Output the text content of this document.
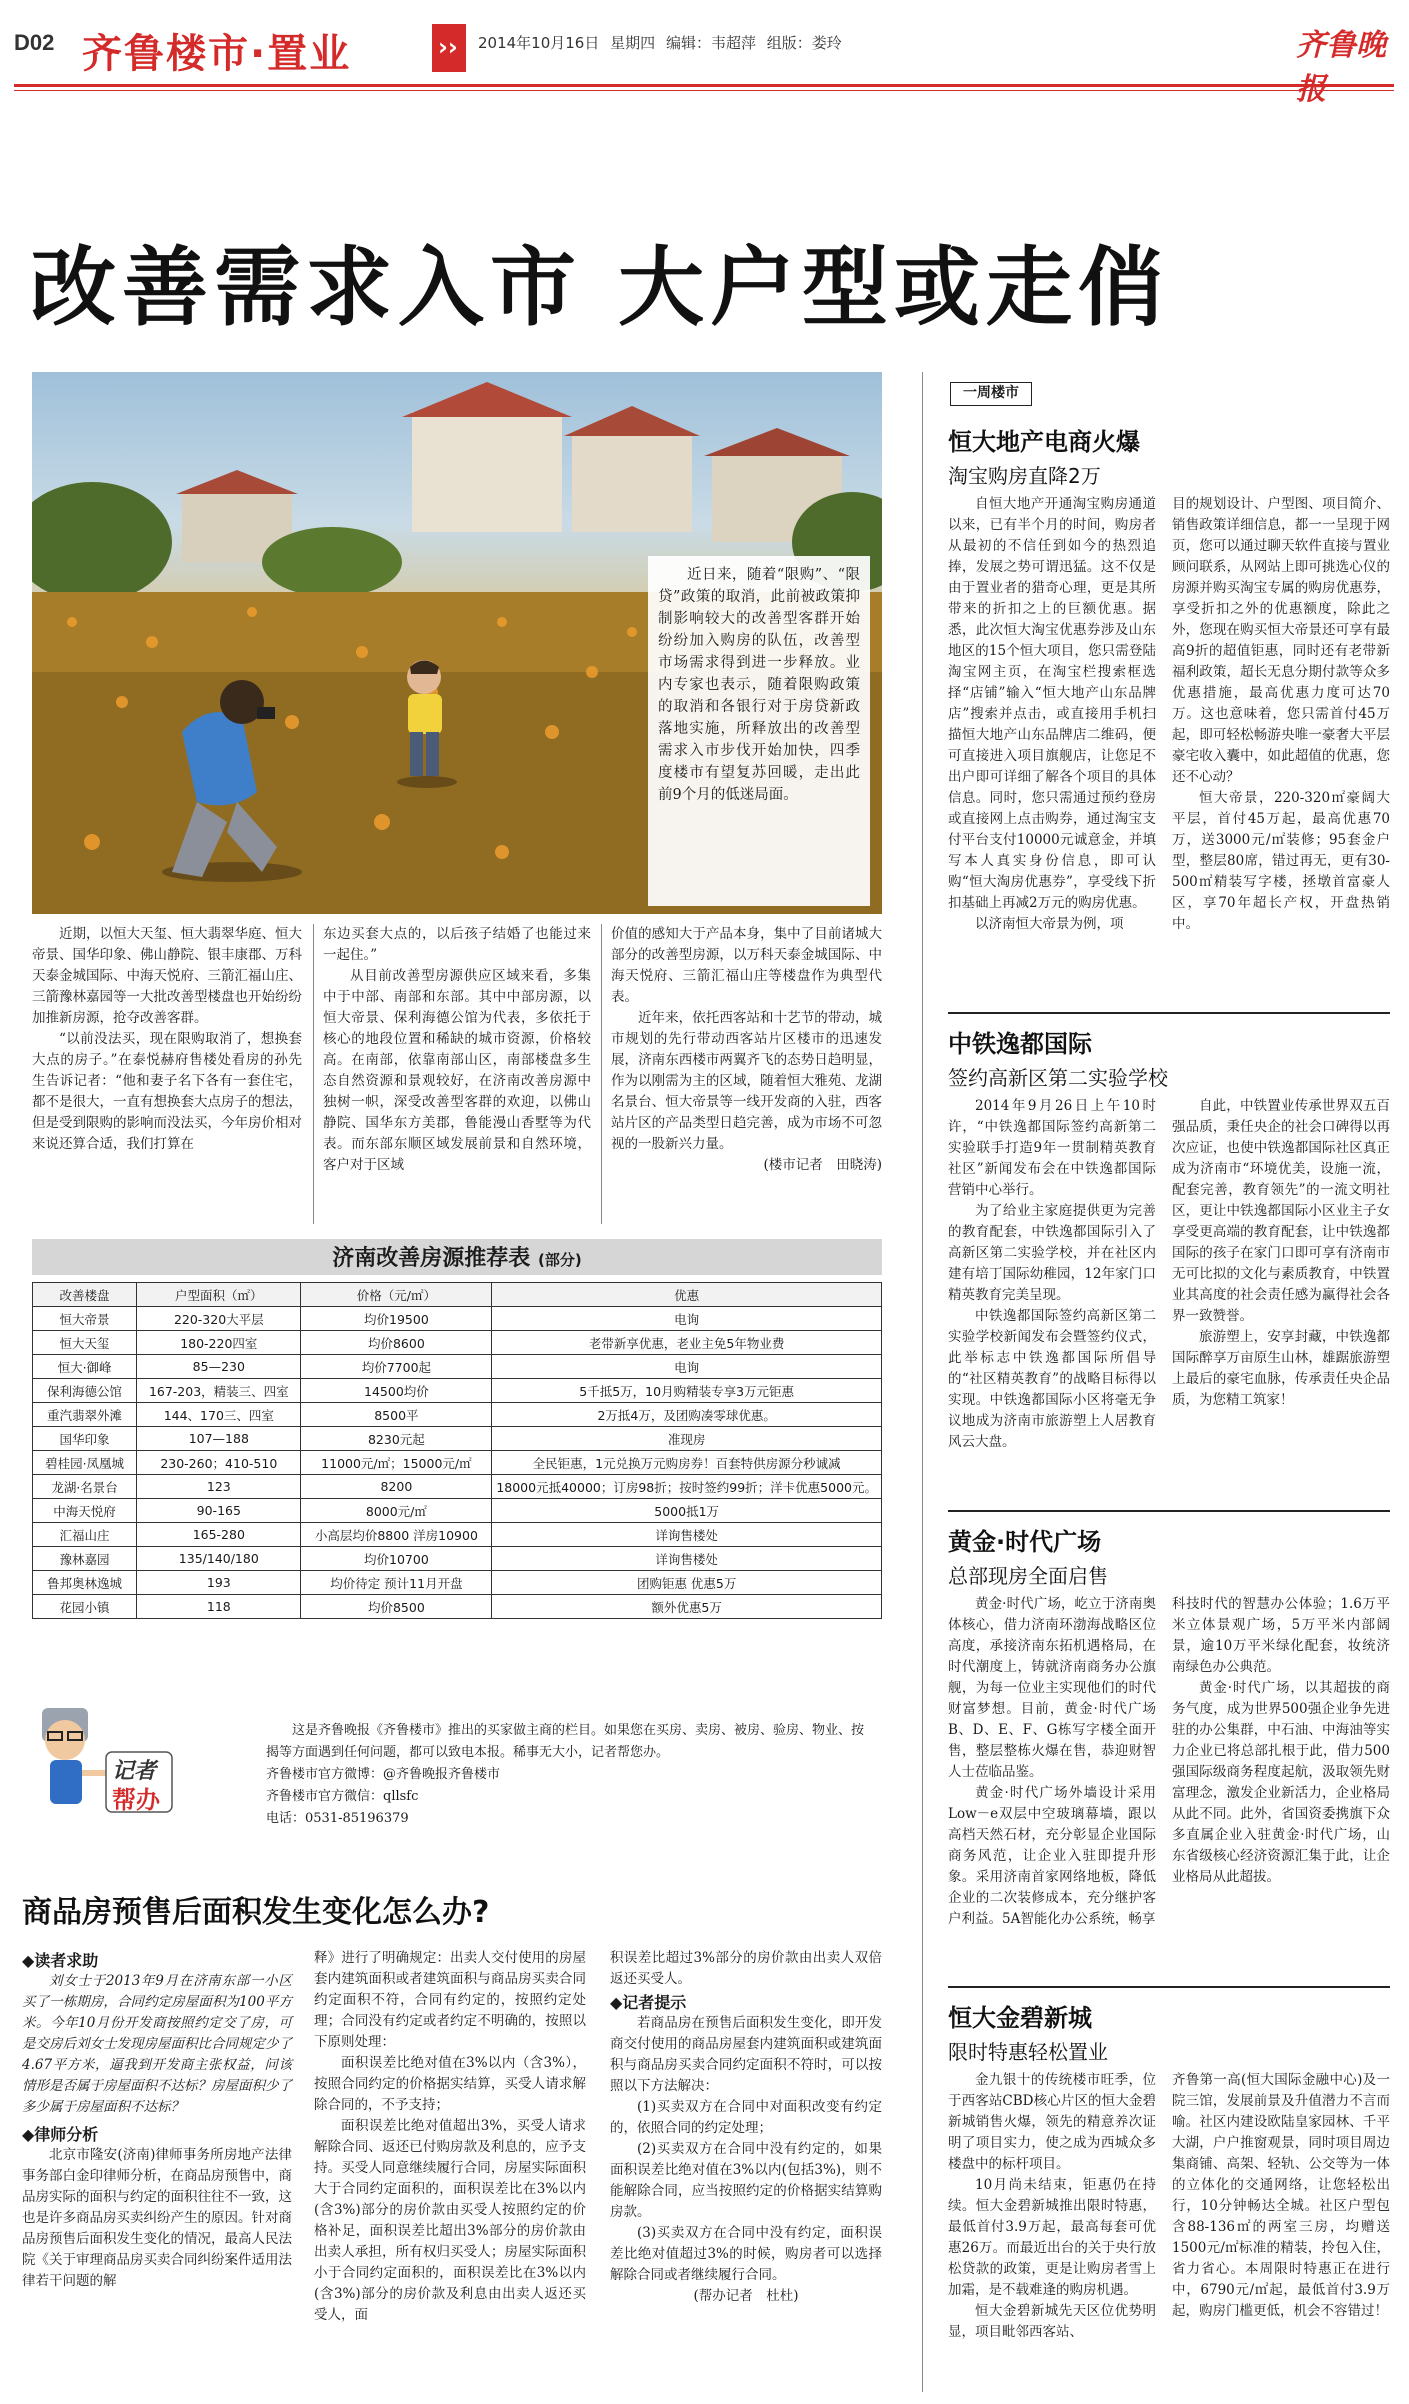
D02 齐鲁楼市·置业	›› 2014年10月16日 星期四 编辑：韦超萍 组版：娄玲	齐鲁晚
改善需求入市 大户型或走俏

近日来，随着“限购”、“限贷”政策的取消，此前被政策抑制影响较大的改善型客群开始纷纷加入购房的队伍，改善型市场需求得到进一步释放。业内专家也表示，随着限购政策的取消和各银行对于房贷新政落地实施，所释放出的改善型需求入市步伐开始加快，四季度楼市有望复苏回暖，走出此前9个月的低迷局面。

近期，以恒大天玺、恒大翡翠华庭、恒大帝景、国华印象、佛山静院、银丰康郡、万科天泰金城国际、中海天悦府、三箭汇福山庄、三箭豫林嘉园等一大批改善型楼盘也开始纷纷加推新房源，抢夺改善客群。

“以前没法买，现在限购取消了，想换套大点的房子。”在泰悦赫府售楼处看房的孙先生告诉记者：“他和妻子名下各有一套住宅，都不是很大，一直有想换套大点房子的想法，但是受到限购的影响而没法买，今年房价相对来说还算合适，我们打算在

东边买套大点的，以后孩子结婚了也能过来一起住。”

从目前改善型房源供应区域来看，多集中于中部、南部和东部。其中中部房源，以恒大帝景、保利海德公馆为代表，多依托于核心的地段位置和稀缺的城市资源，价格较高。在南部，依靠南部山区，南部楼盘多生态自然资源和景观较好，在济南改善房源中独树一帜，深受改善型客群的欢迎，以佛山静院、国华东方美郡，鲁能漫山香墅等为代表。而东部东顺区域发展前景和自然环境，客户对于区域

价值的感知大于产品本身，集中了目前诸城大部分的改善型房源，以万科天泰金城国际、中海天悦府、三箭汇福山庄等楼盘作为典型代表。

近年来，依托西客站和十艺节的带动，城市规划的先行带动西客站片区楼市的迅速发展，济南东西楼市两翼齐飞的态势日趋明显，作为以刚需为主的区域，随着恒大雅苑、龙湖名景台、恒大帝景等一线开发商的入驻，西客站片区的产品类型日趋完善，成为市场不可忽视的一股新兴力量。

(楼市记者　田晓涛)

济南改善房源推荐表 (部分)
改善楼盘	户型面积（㎡）	价格（元/㎡）	优惠
恒大帝景	220-320大平层	均价19500	电询
恒大天玺	180-220四室	均价8600	老带新享优惠，老业主免5年物业费
恒大·御峰	85—230	均价7700起	电询
保利海德公馆	167-203，精装三、四室	14500均价	5千抵5万，10月购精装专享3万元钜惠
重汽翡翠外滩	144、170三、四室	8500平	2万抵4万，及团购凑零球优惠。
国华印象	107—188	8230元起	准现房
碧桂园·凤凰城	230-260；410-510	11000元/㎡；15000元/㎡	全民钜惠，1元兑换万元购房券！百套特供房源分秒诚减
龙湖·名景台	123	8200	18000元抵40000；订房98折；按时签约99折；洋卡优惠5000元。
中海天悦府	90-165	8000元/㎡	5000抵1万
汇福山庄	165-280	小高层均价8800 洋房10900	详询售楼处
豫林嘉园	135/140/180	均价10700	详询售楼处
鲁邦奥林逸城	193	均价待定 预计11月开盘	团购钜惠 优惠5万
花园小镇	118	均价8500	额外优惠5万
记者
帮办

这是齐鲁晚报《齐鲁楼市》推出的买家做主商的栏目。如果您在买房、卖房、被房、验房、物业、按揭等方面遇到任何问题，都可以致电本报。稀事无大小，记者帮您办。

齐鲁楼市官方微博：@齐鲁晚报齐鲁楼市

齐鲁楼市官方微信：qllsfc

电话：0531-85196379

商品房预售后面积发生变化怎么办?

◆读者求助

刘女士于2013年9月在济南东部一小区买了一栋期房，合同约定房屋面积为100平方米。今年10月份开发商按照约定交了房，可是交房后刘女士发现房屋面积比合同规定少了4.67平方米，逼我到开发商主张权益，问该情形是否属于房屋面积不达标？房屋面积少了多少属于房屋面积不达标？

◆律师分析

北京市隆安(济南)律师事务所房地产法律事务部白金印律师分析，在商品房预售中，商品房实际的面积与约定的面积往往不一致，这也是许多商品房买卖纠纷产生的原因。针对商品房预售后面积发生变化的情况，最高人民法院《关于审理商品房买卖合同纠纷案件适用法律若干问题的解

释》进行了明确规定：出卖人交付使用的房屋套内建筑面积或者建筑面积与商品房买卖合同约定面积不符，合同有约定的，按照约定处理；合同没有约定或者约定不明确的，按照以下原则处理：

面积误差比绝对值在3%以内（含3%），按照合同约定的价格据实结算，买受人请求解除合同的，不予支持；

面积误差比绝对值超出3%，买受人请求解除合同、返还已付购房款及利息的，应予支持。买受人同意继续履行合同，房屋实际面积大于合同约定面积的，面积误差比在3%以内(含3%)部分的房价款由买受人按照约定的价格补足，面积误差比超出3%部分的房价款由出卖人承担，所有权归买受人；房屋实际面积小于合同约定面积的，面积误差比在3%以内(含3%)部分的房价款及利息由出卖人返还买受人，面

积误差比超过3%部分的房价款由出卖人双倍返还买受人。

◆记者提示

若商品房在预售后面积发生变化，即开发商交付使用的商品房屋套内建筑面积或建筑面积与商品房买卖合同约定面积不符时，可以按照以下方法解决：

(1)买卖双方在合同中对面积改变有约定的，依照合同的约定处理；

(2)买卖双方在合同中没有约定的，如果面积误差比绝对值在3%以内(包括3%)，则不能解除合同，应当按照约定的价格据实结算购房款。

(3)买卖双方在合同中没有约定，面积误差比绝对值超过3%的时候，购房者可以选择解除合同或者继续履行合同。

(帮办记者　杜杜)

一周楼市
恒大地产电商火爆
淘宝购房直降2万

自恒大地产开通淘宝购房通道以来，已有半个月的时间，购房者从最初的不信任到如今的热烈追捧，发展之势可谓迅猛。这不仅是由于置业者的猎奇心理，更是其所带来的折扣之上的巨额优惠。据悉，此次恒大淘宝优惠券涉及山东地区的15个恒大项目，您只需登陆淘宝网主页，在淘宝栏搜索框选择“店铺”输入“恒大地产山东品牌店”搜索并点击，或直接用手机扫描恒大地产山东品牌店二维码，便可直接进入项目旗舰店，让您足不出户即可详细了解各个项目的具体信息。同时，您只需通过预约登房或直接网上点击购券，通过淘宝支付平台支付10000元诚意金，并填写本人真实身份信息，即可认购“恒大淘房优惠券”，享受线下折扣基础上再减2万元的购房优惠。

以济南恒大帝景为例，项

目的规划设计、户型图、项目简介、销售政策详细信息，都一一呈现于网页，您可以通过聊天软件直接与置业顾问联系，从网站上即可挑选心仪的房源并购买淘宝专属的购房优惠券，享受折扣之外的优惠额度，除此之外，您现在购买恒大帝景还可享有最高9折的超值钜惠，同时还有老带新福利政策，超长无息分期付款等众多优惠措施，最高优惠力度可达70万。这也意味着，您只需首付45万起，即可轻松畅游央唯一豪奢大平层豪宅收入囊中，如此超值的优惠，您还不心动？

恒大帝景，220-320㎡豪阔大平层，首付45万起，最高优惠70万，送3000元/㎡装修；95套金户型，整层80席，错过再无，更有30-500㎡精装写字楼，拯墩首富豪人区，享70年超长产权，开盘热销中。

中铁逸都国际
签约高新区第二实验学校

2014年9月26日上午10时许，“中铁逸都国际签约高新第二实验联手打造9年一贯制精英教育社区”新闻发布会在中铁逸都国际营销中心举行。

为了给业主家庭提供更为完善的教育配套，中铁逸都国际引入了高新区第二实验学校，并在社区内建有培丁国际幼稚园，12年家门口精英教育完美呈现。

中铁逸都国际签约高新区第二实验学校新闻发布会暨签约仪式，此举标志中铁逸都国际所倡导的“社区精英教育”的战略目标得以实现。中铁逸都国际小区将毫无争议地成为济南市旅游塑上人居教育风云大盘。

自此，中铁置业传承世界双五百强品质，秉任央企的社会口碑得以再次应证，也使中铁逸都国际社区真正成为济南市“环境优美，设施一流，配套完善，教育领先”的一流文明社区，更让中铁逸都国际小区业主子女享受更高端的教育配套，让中铁逸都国际的孩子在家门口即可享有济南市无可比拟的文化与素质教育，中铁置业其高度的社会责任感为赢得社会各界一致赞誉。

旅游塑上，安享封藏，中铁逸都国际醉享万亩原生山林，雄踞旅游塑上最后的豪宅血脉，传承责任央企品质，为您精工筑家！

黄金·时代广场
总部现房全面启售

黄金·时代广场，屹立于济南奥体核心，借力济南环渤海战略区位高度，承接济南东拓机遇格局，在时代潮度上，铸就济南商务办公旗舰，为每一位业主实现他们的时代财富梦想。目前，黄金·时代广场B、D、E、F、G栋写字楼全面开售，整层整栋火爆在售，恭迎财智人士莅临品鉴。

黄金·时代广场外墙设计采用Low－e双层中空玻璃幕墙，跟以高档天然石材，充分彰显企业国际商务风范，让企业入驻即提升形象。采用济南首家网络地板，降低企业的二次装修成本，充分继护客户利益。5A智能化办公系统，畅享

科技时代的智慧办公体验；1.6万平米立体景观广场，5万平米内部阔景，逾10万平米绿化配套，妆统济南绿色办公典范。

黄金·时代广场，以其超拔的商务气度，成为世界500强企业争先进驻的办公集群，中石油、中海油等实力企业已将总部扎根于此，借力500强国际级商务程度起航，汲取领先财富理念，激发企业新活力，企业格局从此不同。此外，省国资委携旗下众多直属企业入驻黄金·时代广场，山东省级核心经济资源汇集于此，让企业格局从此超拔。

恒大金碧新城
限时特惠轻松置业

金九银十的传统楼市旺季，位于西客站CBD核心片区的恒大金碧新城销售火爆，领先的精意养次证明了项目实力，使之成为西城众多楼盘中的标杆项目。

10月尚未结束，钜惠仍在持续。恒大金碧新城推出限时特惠，最低首付3.9万起，最高每套可优惠26万。而最近出台的关于央行放松贷款的政策，更是让购房者雪上加霜，是不载难逢的购房机遇。

恒大金碧新城先天区位优势明显，项目毗邻西客站、

齐鲁第一高(恒大国际金融中心)及一院三馆，发展前景及升值潜力不言而喻。社区内建设欧陆皇家园林、千平大湖，户户推窗观景，同时项目周边集商铺、高架、轻轨、公交等为一体的立体化的交通网络，让您轻松出行，10分钟畅达全城。社区户型包含88-136㎡的两室三房，均赠送1500元/㎡标准的精装，拎包入住，省力省心。本周限时特惠正在进行中，6790元/㎡起，最低首付3.9万起，购房门槛更低，机会不容错过！
